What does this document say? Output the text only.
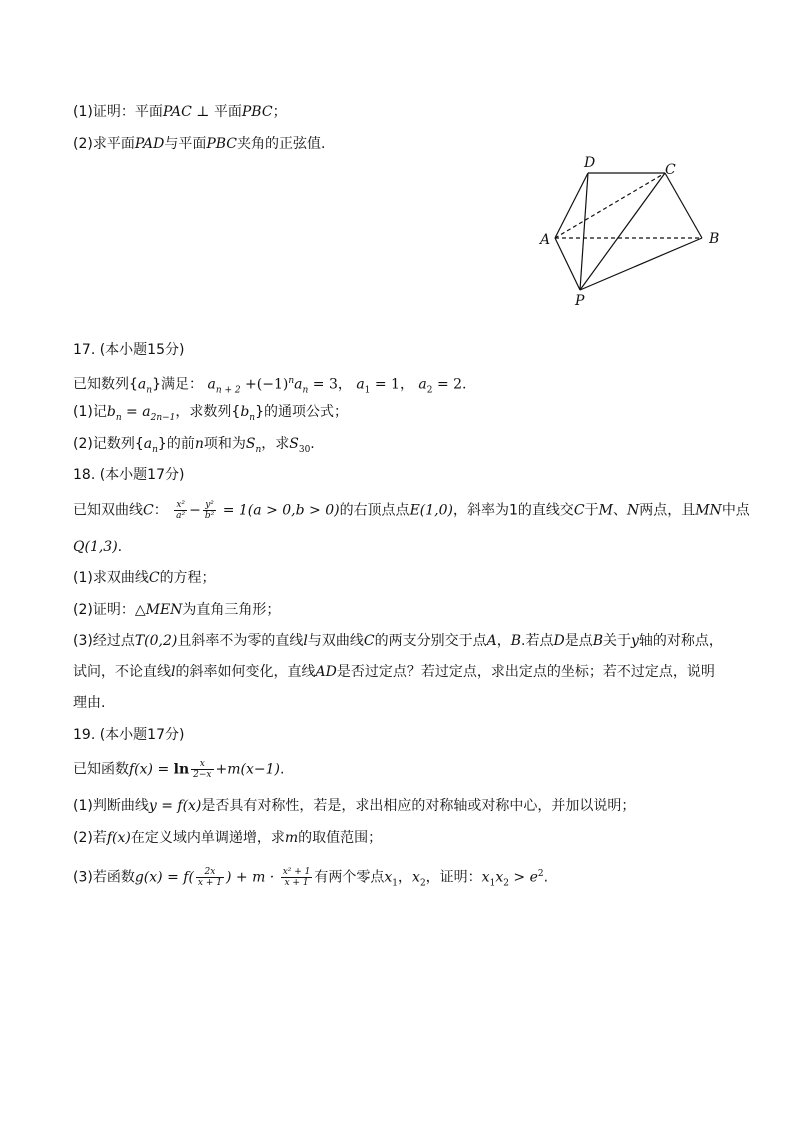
(1)证明：平面PAC ⊥ 平面PBC；
(2)求平面PAD与平面PBC夹角的正弦值.
A	B
C
D
P
17. (本小题15分)
已知数列$\{a_n\}$满足： $a_{n + 2} +(-1)^na_n = 3$， $a_1 = 1$， $a_2 = 2$.
(1)记$b_n = a_{2n-1}$，求数列$\{b_n\}$的通项公式；
(2)记数列$\{a_n\}$的前n项和为$S_n$，求$S_{30}$.
18. (本小题17分)
已知双曲线C： $\frac{\text{x²}}{\text{a²}} - \frac{\text{y²}}{\text{b²}} = 1(a > 0,b > 0)$的右顶点点E(1,0)，斜率为1的直线交C于M、N两点，且MN中点
Q(1,3).
(1)求双曲线C的方程；
(2)证明：△MEN为直角三角形；
(3)经过点T(0,2)且斜率不为零的直线l与双曲线C的两支分别交于点A，B.若点D是点B关于y轴的对称点，
试问，不论直线l的斜率如何变化，直线AD是否过定点？若过定点，求出定点的坐标；若不过定点，说明
理由.
19. (本小题17分)
已知函数$f(x) = \ln \frac{x}{2-x} +m(x-1)$.
(1)判断曲线y = f(x)是否具有对称性，若是，求出相应的对称轴或对称中心，并加以说明；
(2)若f(x)在定义域内单调递增，求m的取值范围；
(3)若函数$g(x) = f( \frac{2x}{x + 1}$ ) + $m \cdot \frac{\text{x² + 1}}{x + 1}$ 有两个零点$x_1$，$x_2$，证明：$x_1x_2 > e^2$.
